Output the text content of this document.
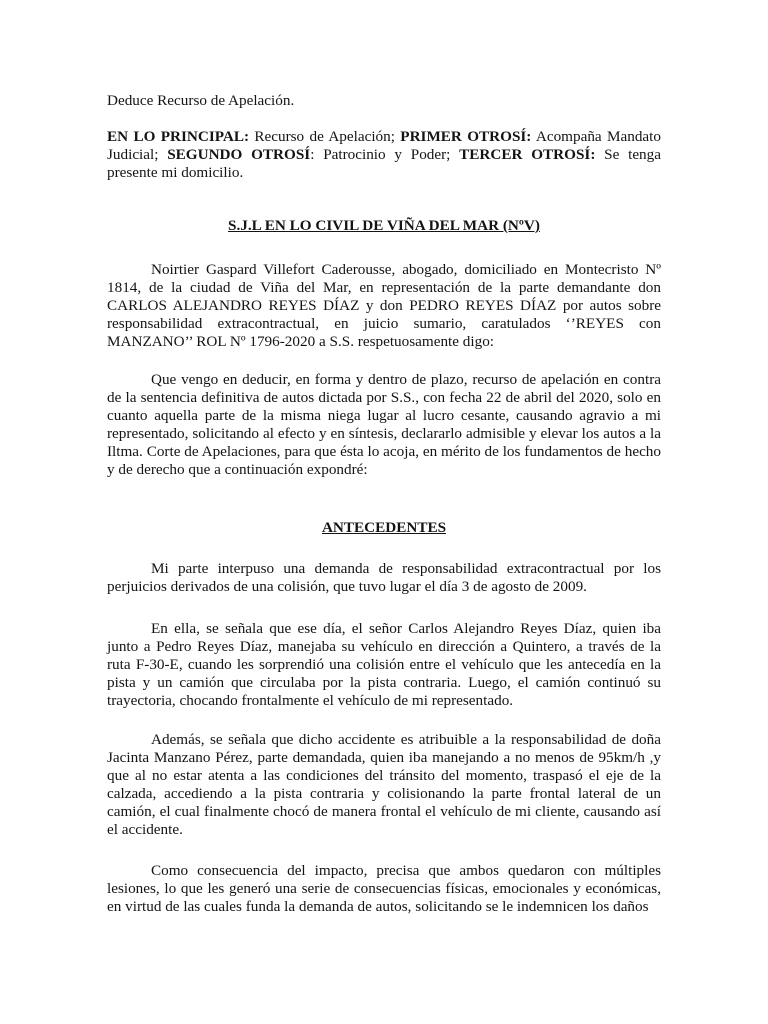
Deduce Recurso de Apelación.

EN LO PRINCIPAL: Recurso de Apelación; PRIMER OTROSÍ: Acompaña Mandato Judicial; SEGUNDO OTROSÍ: Patrocinio y Poder; TERCER OTROSÍ: Se tenga presente mi domicilio.

S.J.L EN LO CIVIL DE VIÑA DEL MAR (NºV)

Noirtier Gaspard Villefort Caderousse, abogado, domiciliado en Montecristo Nº 1814, de la ciudad de Viña del Mar, en representación de la parte demandante don CARLOS ALEJANDRO REYES DÍAZ y don PEDRO REYES DÍAZ por autos sobre responsabilidad extracontractual, en juicio sumario, caratulados ‘’REYES con MANZANO’’ ROL Nº 1796-2020 a S.S. respetuosamente digo:

Que vengo en deducir, en forma y dentro de plazo, recurso de apelación en contra de la sentencia definitiva de autos dictada por S.S., con fecha 22 de abril del 2020, solo en cuanto aquella parte de la misma niega lugar al lucro cesante, causando agravio a mi representado, solicitando al efecto y en síntesis, declararlo admisible y elevar los autos a la Iltma. Corte de Apelaciones, para que ésta lo acoja, en mérito de los fundamentos de hecho y de derecho que a continuación expondré:

ANTECEDENTES

Mi parte interpuso una demanda de responsabilidad extracontractual por los perjuicios derivados de una colisión, que tuvo lugar el día 3 de agosto de 2009.

En ella, se señala que ese día, el señor Carlos Alejandro Reyes Díaz, quien iba junto a Pedro Reyes Díaz, manejaba su vehículo en dirección a Quintero, a través de la ruta F-30-E, cuando les sorprendió una colisión entre el vehículo que les antecedía en la pista y un camión que circulaba por la pista contraria. Luego, el camión continuó su trayectoria, chocando frontalmente el vehículo de mi representado.

Además, se señala que dicho accidente es atribuible a la responsabilidad de doña Jacinta Manzano Pérez, parte demandada, quien iba manejando a no menos de 95km/h ,y que al no estar atenta a las condiciones del tránsito del momento, traspasó el eje de la calzada, accediendo a la pista contraria y colisionando la parte frontal lateral de un camión, el cual finalmente chocó de manera frontal el vehículo de mi cliente, causando así el accidente.

Como consecuencia del impacto, precisa que ambos quedaron con múltiples lesiones, lo que les generó una serie de consecuencias físicas, emocionales y económicas, en virtud de las cuales funda la demanda de autos, solicitando se le indemnicen los daños
